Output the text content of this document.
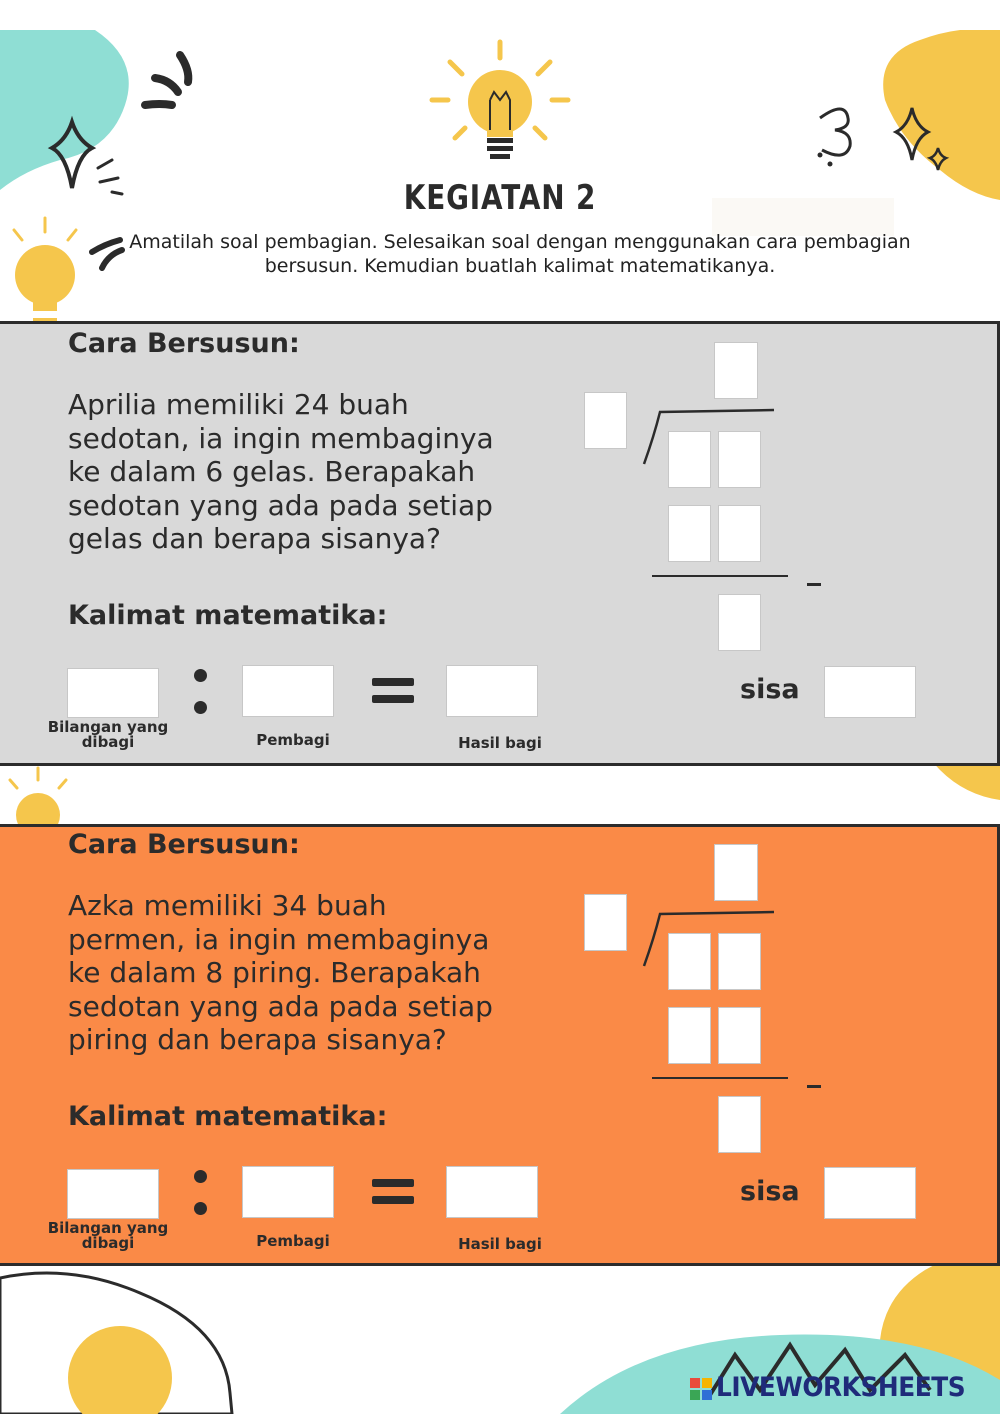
KEGIATAN 2
Amatilah soal pembagian. Selesaikan soal dengan menggunakan cara pembagian bersusun. Kemudian buatlah kalimat matematikanya.
Cara Bersusun:
Aprilia memiliki 24 buah
sedotan, ia ingin membaginya
ke dalam 6 gelas. Berapakah
sedotan yang ada pada setiap
gelas dan berapa sisanya?
Kalimat matematika:
sisa
Bilangan yang dibagi	Pembagi	Hasil bagi
Cara Bersusun:
Azka memiliki 34 buah
permen, ia ingin membaginya
ke dalam 8 piring. Berapakah
sedotan yang ada pada setiap
piring dan berapa sisanya?
Kalimat matematika:
sisa
Bilangan yang dibagi	Pembagi	Hasil bagi
LIVEWORKSHEETS
